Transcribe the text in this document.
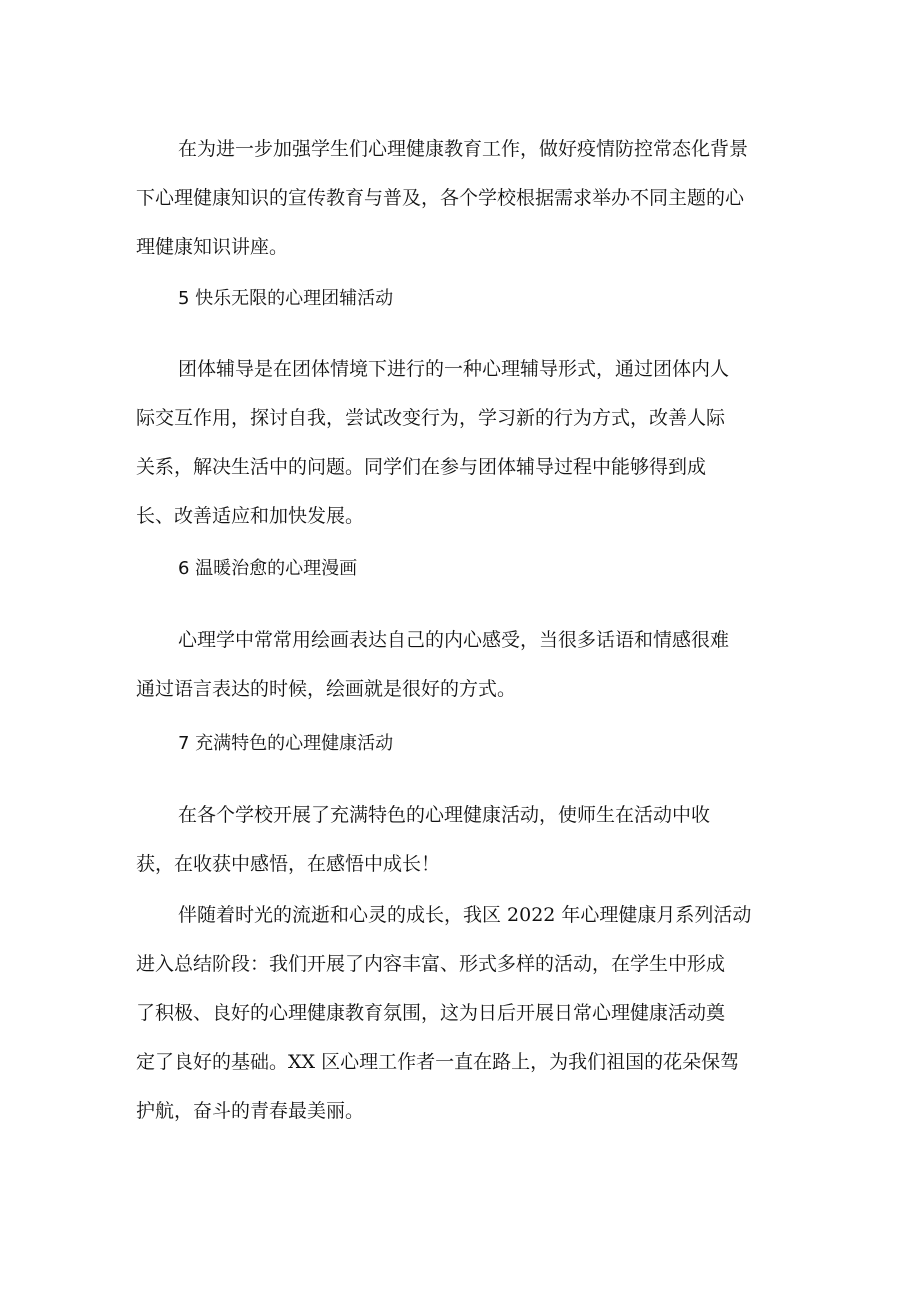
在为进一步加强学生们心理健康教育工作，做好疫情防控常态化背景
下心理健康知识的宣传教育与普及，各个学校根据需求举办不同主题的心
理健康知识讲座。

5 快乐无限的心理团辅活动

团体辅导是在团体情境下进行的一种心理辅导形式，通过团体内人
际交互作用，探讨自我，尝试改变行为，学习新的行为方式，改善人际
关系，解决生活中的问题。同学们在参与团体辅导过程中能够得到成
长、改善适应和加快发展。

6 温暖治愈的心理漫画

心理学中常常用绘画表达自己的内心感受，当很多话语和情感很难
通过语言表达的时候，绘画就是很好的方式。

7 充满特色的心理健康活动

在各个学校开展了充满特色的心理健康活动，使师生在活动中收
获，在收获中感悟，在感悟中成长！

伴随着时光的流逝和心灵的成长，我区 2022 年心理健康月系列活动
进入总结阶段：我们开展了内容丰富、形式多样的活动，在学生中形成
了积极、良好的心理健康教育氛围，这为日后开展日常心理健康活动奠
定了良好的基础。XX 区心理工作者一直在路上，为我们祖国的花朵保驾
护航，奋斗的青春最美丽。
